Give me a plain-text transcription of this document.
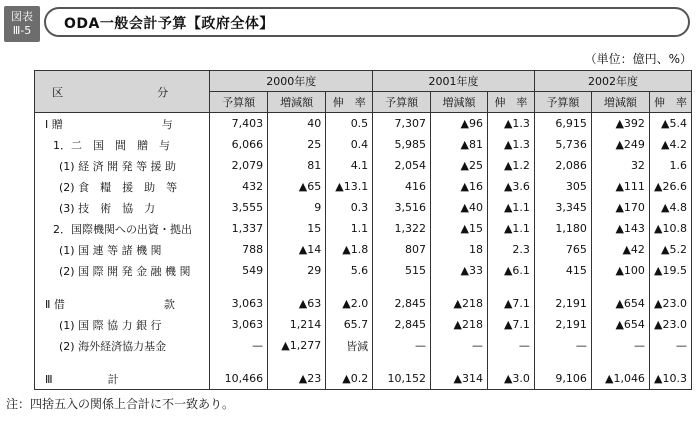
図表
Ⅲ-5	ODA一般会計予算【政府全体】
（単位：億円、%）
区　　分	2000年度			2001年度			2002年度		
	予算額	増減額	伸　率	予算額	増減額	伸　率	予算額	増減額	伸　率
Ⅰ 贈　　　　　　　　　与	7,403	40	0.5	7,307	▲96	▲1.3	6,915	▲392	▲5.4
1．二　国　間　贈　与	6,066	25	0.4	5,985	▲81	▲1.3	5,736	▲249	▲4.2
(1) 経 済 開 発 等 援 助	2,079	81	4.1	2,054	▲25	▲1.2	2,086	32	1.6
(2) 食　糧　援　助　等	432	▲65	▲13.1	416	▲16	▲3.6	305	▲111	▲26.6
(3) 技　術　協　力	3,555	9	0.3	3,516	▲40	▲1.1	3,345	▲170	▲4.8
2．国際機関への出資・拠出	1,337	15	1.1	1,322	▲15	▲1.1	1,180	▲143	▲10.8
(1) 国 連 等 諸 機 関	788	▲14	▲1.8	807	18	2.3	765	▲42	▲5.2
(2) 国 際 開 発 金 融 機 関	549	29	5.6	515	▲33	▲6.1	415	▲100	▲19.5

Ⅱ 借　　　　　　　　　款	3,063	▲63	▲2.0	2,845	▲218	▲7.1	2,191	▲654	▲23.0
(1) 国 際 協 力 銀 行	3,063	1,214	65.7	2,845	▲218	▲7.1	2,191	▲654	▲23.0
(2) 海外経済協力基金	—	▲1,277	皆減	—	—	—	—	—	—

Ⅲ　　　　　計	10,466	▲23	▲0.2	10,152	▲314	▲3.0	9,106	▲1,046	▲10.3
注：四捨五入の関係上合計に不一致あり。
